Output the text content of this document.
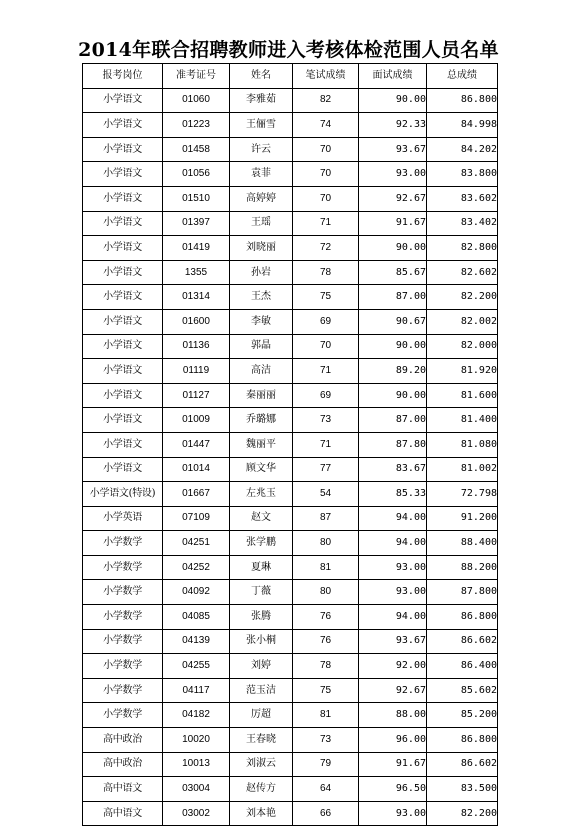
2014年联合招聘教师进入考核体检范围人员名单
报考岗位	准考证号	姓名	笔试成绩	面试成绩	总成绩
小学语文	01060	李雅茹	82	90.00	86.800
小学语文	01223	王俪雪	74	92.33	84.998
小学语文	01458	许云	70	93.67	84.202
小学语文	01056	袁菲	70	93.00	83.800
小学语文	01510	高婷婷	70	92.67	83.602
小学语文	01397	王瑶	71	91.67	83.402
小学语文	01419	刘晓丽	72	90.00	82.800
小学语文	1355	孙岩	78	85.67	82.602
小学语文	01314	王杰	75	87.00	82.200
小学语文	01600	李敏	69	90.67	82.002
小学语文	01136	郭晶	70	90.00	82.000
小学语文	01119	高洁	71	89.20	81.920
小学语文	01127	秦丽丽	69	90.00	81.600
小学语文	01009	乔璐娜	73	87.00	81.400
小学语文	01447	魏丽平	71	87.80	81.080
小学语文	01014	顾文华	77	83.67	81.002
小学语文(特设)	01667	左兆玉	54	85.33	72.798
小学英语	07109	赵文	87	94.00	91.200
小学数学	04251	张学鹏	80	94.00	88.400
小学数学	04252	夏琳	81	93.00	88.200
小学数学	04092	丁薇	80	93.00	87.800
小学数学	04085	张腾	76	94.00	86.800
小学数学	04139	张小桐	76	93.67	86.602
小学数学	04255	刘婷	78	92.00	86.400
小学数学	04117	范玉洁	75	92.67	85.602
小学数学	04182	厉超	81	88.00	85.200
高中政治	10020	王春晓	73	96.00	86.800
高中政治	10013	刘淑云	79	91.67	86.602
高中语文	03004	赵传方	64	96.50	83.500
高中语文	03002	刘本艳	66	93.00	82.200
